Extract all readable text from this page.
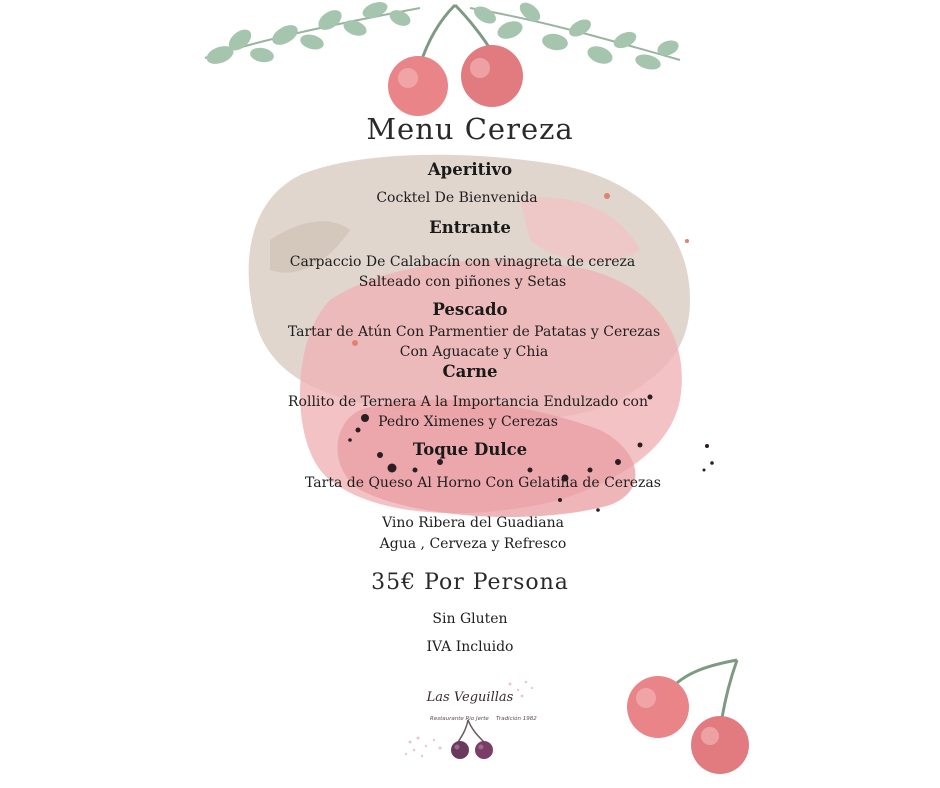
Menu Cereza
Aperitivo
Cocktel De Bienvenida
Entrante
Carpaccio De Calabacín con vinagreta de cereza
Salteado con piñones y Setas
Pescado
Tartar de Atún Con Parmentier de Patatas y Cerezas
Con Aguacate y Chia
Carne
Rollito de Ternera A la Importancia Endulzado con
Pedro Ximenes y Cerezas
Toque Dulce
Tarta de Queso Al Horno Con Gelatina de Cerezas
Vino Ribera del Guadiana
Agua , Cerveza y Refresco
35€ Por Persona
Sin Gluten
IVA Incluido
Las Veguillas
Restaurante Rio Jerte Tradición 1982
